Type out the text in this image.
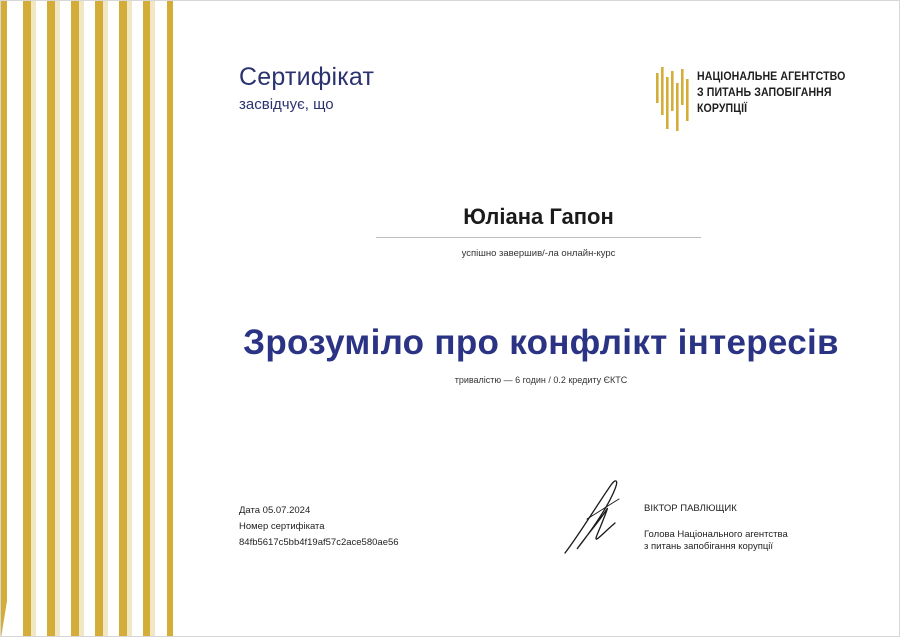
Сертифікат
засвідчує, що
НАЦІОНАЛЬНЕ АГЕНТСТВО
З ПИТАНЬ ЗАПОБІГАННЯ
КОРУПЦІЇ
Юліана Гапон
успішно завершив/-ла онлайн-курс
Зрозуміло про конфлікт інтересів
тривалістю — 6 годин / 0.2 кредиту ЄКТС
Дата 05.07.2024
Номер сертифіката
84fb5617c5bb4f19af57c2ace580ae56
ВІКТОР ПАВЛЮЩИК
Голова Національного агентства
з питань запобігання корупції
